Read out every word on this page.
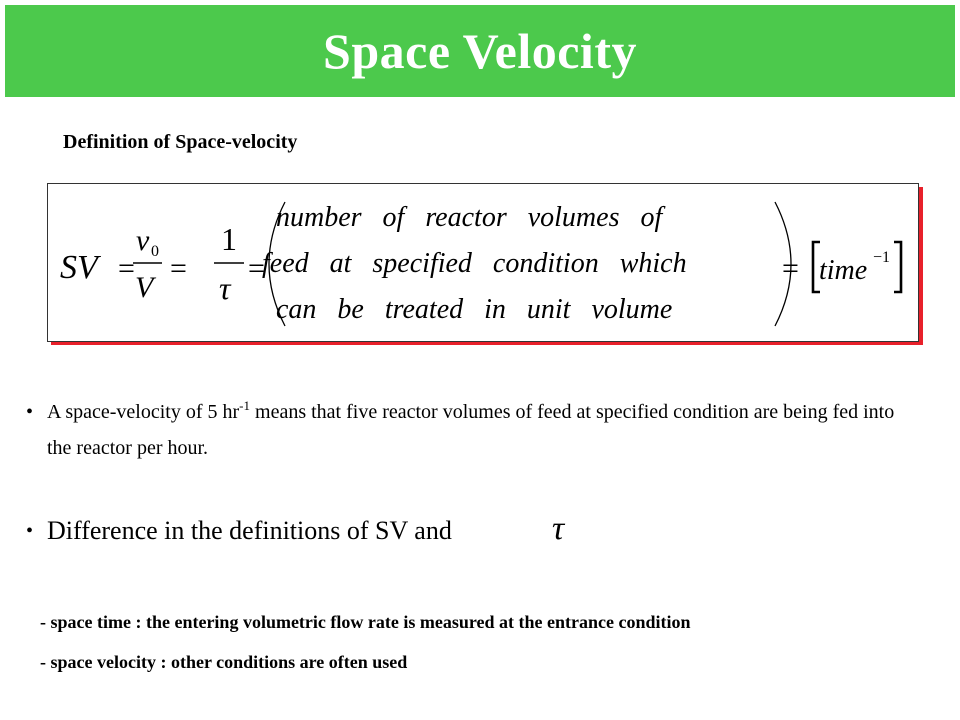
Space Velocity
Definition of Space-velocity
SV =
v 0
V
=
1
τ
=
number   of   reactor   volumes   of
feed   at   specified   condition   which
can   be   treated   in   unit   volume
= time −1
• A space-velocity of 5 $hr^{-1}$ means that five reactor volumes of feed at specified condition are being fed into the reactor per hour.
• Difference in the definitions of SV and	τ
- space time : the entering volumetric flow rate is measured at the entrance condition
- space velocity : other conditions are often used
